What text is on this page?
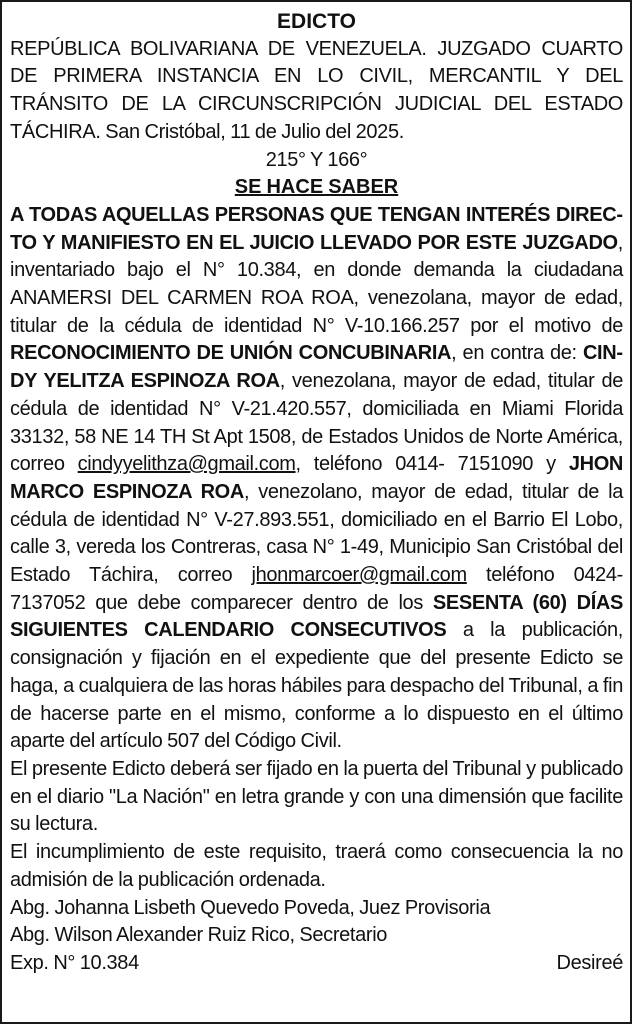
EDICTO

REPÚBLICA BOLIVARIANA DE VENEZUELA. JUZGADO CUARTO DE PRIMERA INSTANCIA EN LO CIVIL, MERCANTIL Y DEL TRÁNSITO DE LA CIRCUNSCRIPCIÓN JUDICIAL DEL ESTADO TÁCHIRA. San Cristóbal, 11 de Julio del 2025.

215° Y 166°

SE HACE SABER

A TODAS AQUELLAS PERSONAS QUE TENGAN INTERÉS DIRECTO Y MANIFIESTO EN EL JUICIO LLEVADO POR ESTE JUZGADO, inventariado bajo el N° 10.384, en donde demanda la ciudadana ANAMERSI DEL CARMEN ROA ROA, venezolana, mayor de edad, titular de la cédula de identidad N° V-10.166.257 por el motivo de RECONOCIMIENTO DE UNIÓN CONCUBINARIA, en contra de: CINDY YELITZA ESPINOZA ROA, venezolana, mayor de edad, titular de cédula de identidad N° V-21.420.557, domiciliada en Miami Florida 33132, 58 NE 14 TH St Apt 1508, de Estados Unidos de Norte América, correo cindyyelithza@gmail.com, teléfono 0414- 7151090 y JHON MARCO ESPINOZA ROA, venezolano, mayor de edad, titular de la cédula de identidad N° V-27.893.551, domiciliado en el Barrio El Lobo, calle 3, vereda los Contreras, casa N° 1-49, Municipio San Cristóbal del Estado Táchira, correo jhonmarcoer@gmail.com teléfono 0424-7137052 que debe comparecer dentro de los SESENTA (60) DÍAS SIGUIENTES CALENDARIO CONSECUTIVOS a la publicación, consignación y fijación en el expediente que del presente Edicto se haga, a cualquiera de las horas hábiles para despacho del Tribunal, a fin de hacerse parte en el mismo, conforme a lo dispuesto en el último aparte del artículo 507 del Código Civil.

El presente Edicto deberá ser fijado en la puerta del Tribunal y publicado en el diario "La Nación" en letra grande y con una dimensión que facilite su lectura.

El incumplimiento de este requisito, traerá como consecuencia la no admisión de la publicación ordenada.

Abg. Johanna Lisbeth Quevedo Poveda, Juez Provisoria

Abg. Wilson Alexander Ruiz Rico, Secretario

Exp. N° 10.384	Desireé
